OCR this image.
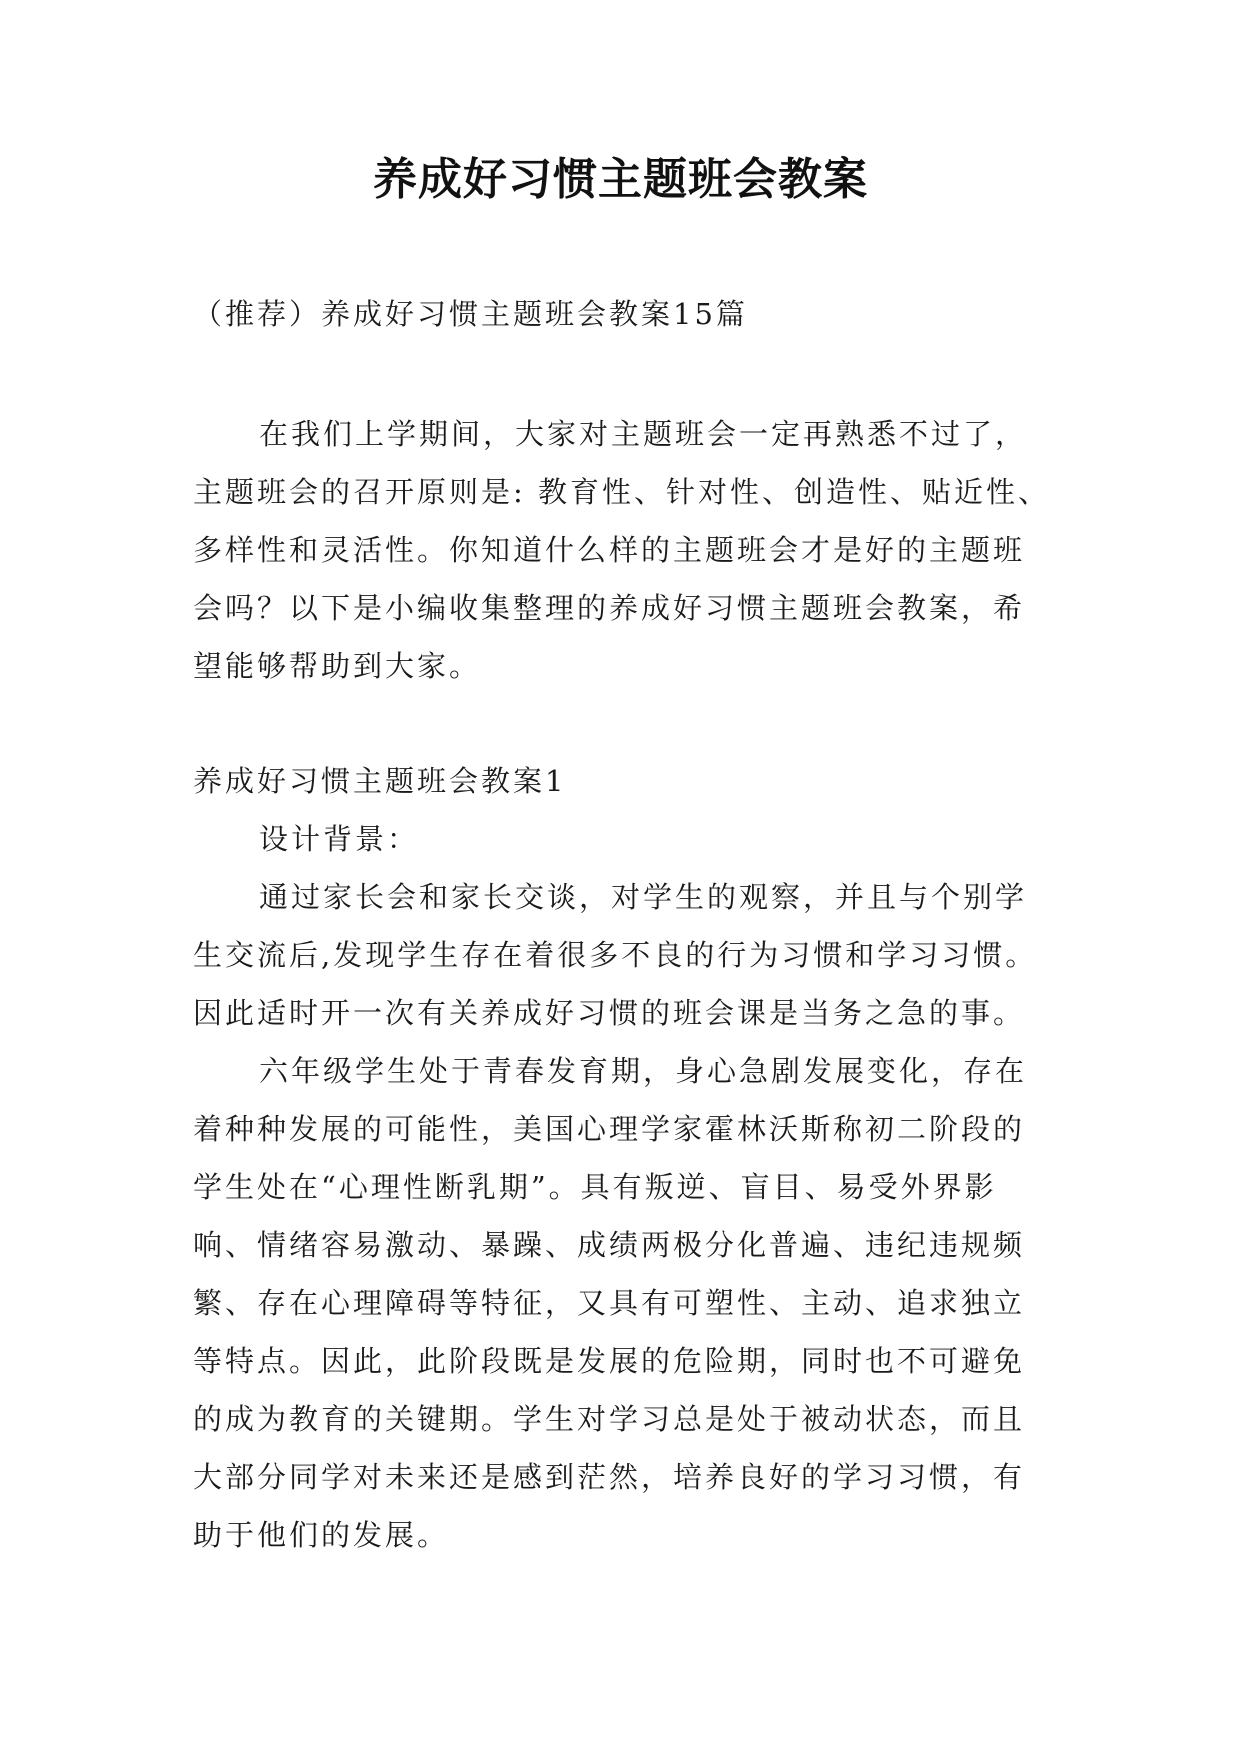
养成好习惯主题班会教案

（推荐）养成好习惯主题班会教案15篇

在我们上学期间，大家对主题班会一定再熟悉不过了，

主题班会的召开原则是: 教育性、针对性、创造性、贴近性、

多样性和灵活性。你知道什么样的主题班会才是好的主题班

会吗？以下是小编收集整理的养成好习惯主题班会教案，希

望能够帮助到大家。

养成好习惯主题班会教案1

设计背景：

通过家长会和家长交谈，对学生的观察，并且与个别学

生交流后,发现学生存在着很多不良的行为习惯和学习习惯。

因此适时开一次有关养成好习惯的班会课是当务之急的事。

六年级学生处于青春发育期，身心急剧发展变化，存在

着种种发展的可能性，美国心理学家霍林沃斯称初二阶段的

学生处在“心理性断乳期”。具有叛逆、盲目、易受外界影

响、情绪容易激动、暴躁、成绩两极分化普遍、违纪违规频

繁、存在心理障碍等特征，又具有可塑性、主动、追求独立

等特点。因此，此阶段既是发展的危险期，同时也不可避免

的成为教育的关键期。学生对学习总是处于被动状态，而且

大部分同学对未来还是感到茫然，培养良好的学习习惯，有

助于他们的发展。
